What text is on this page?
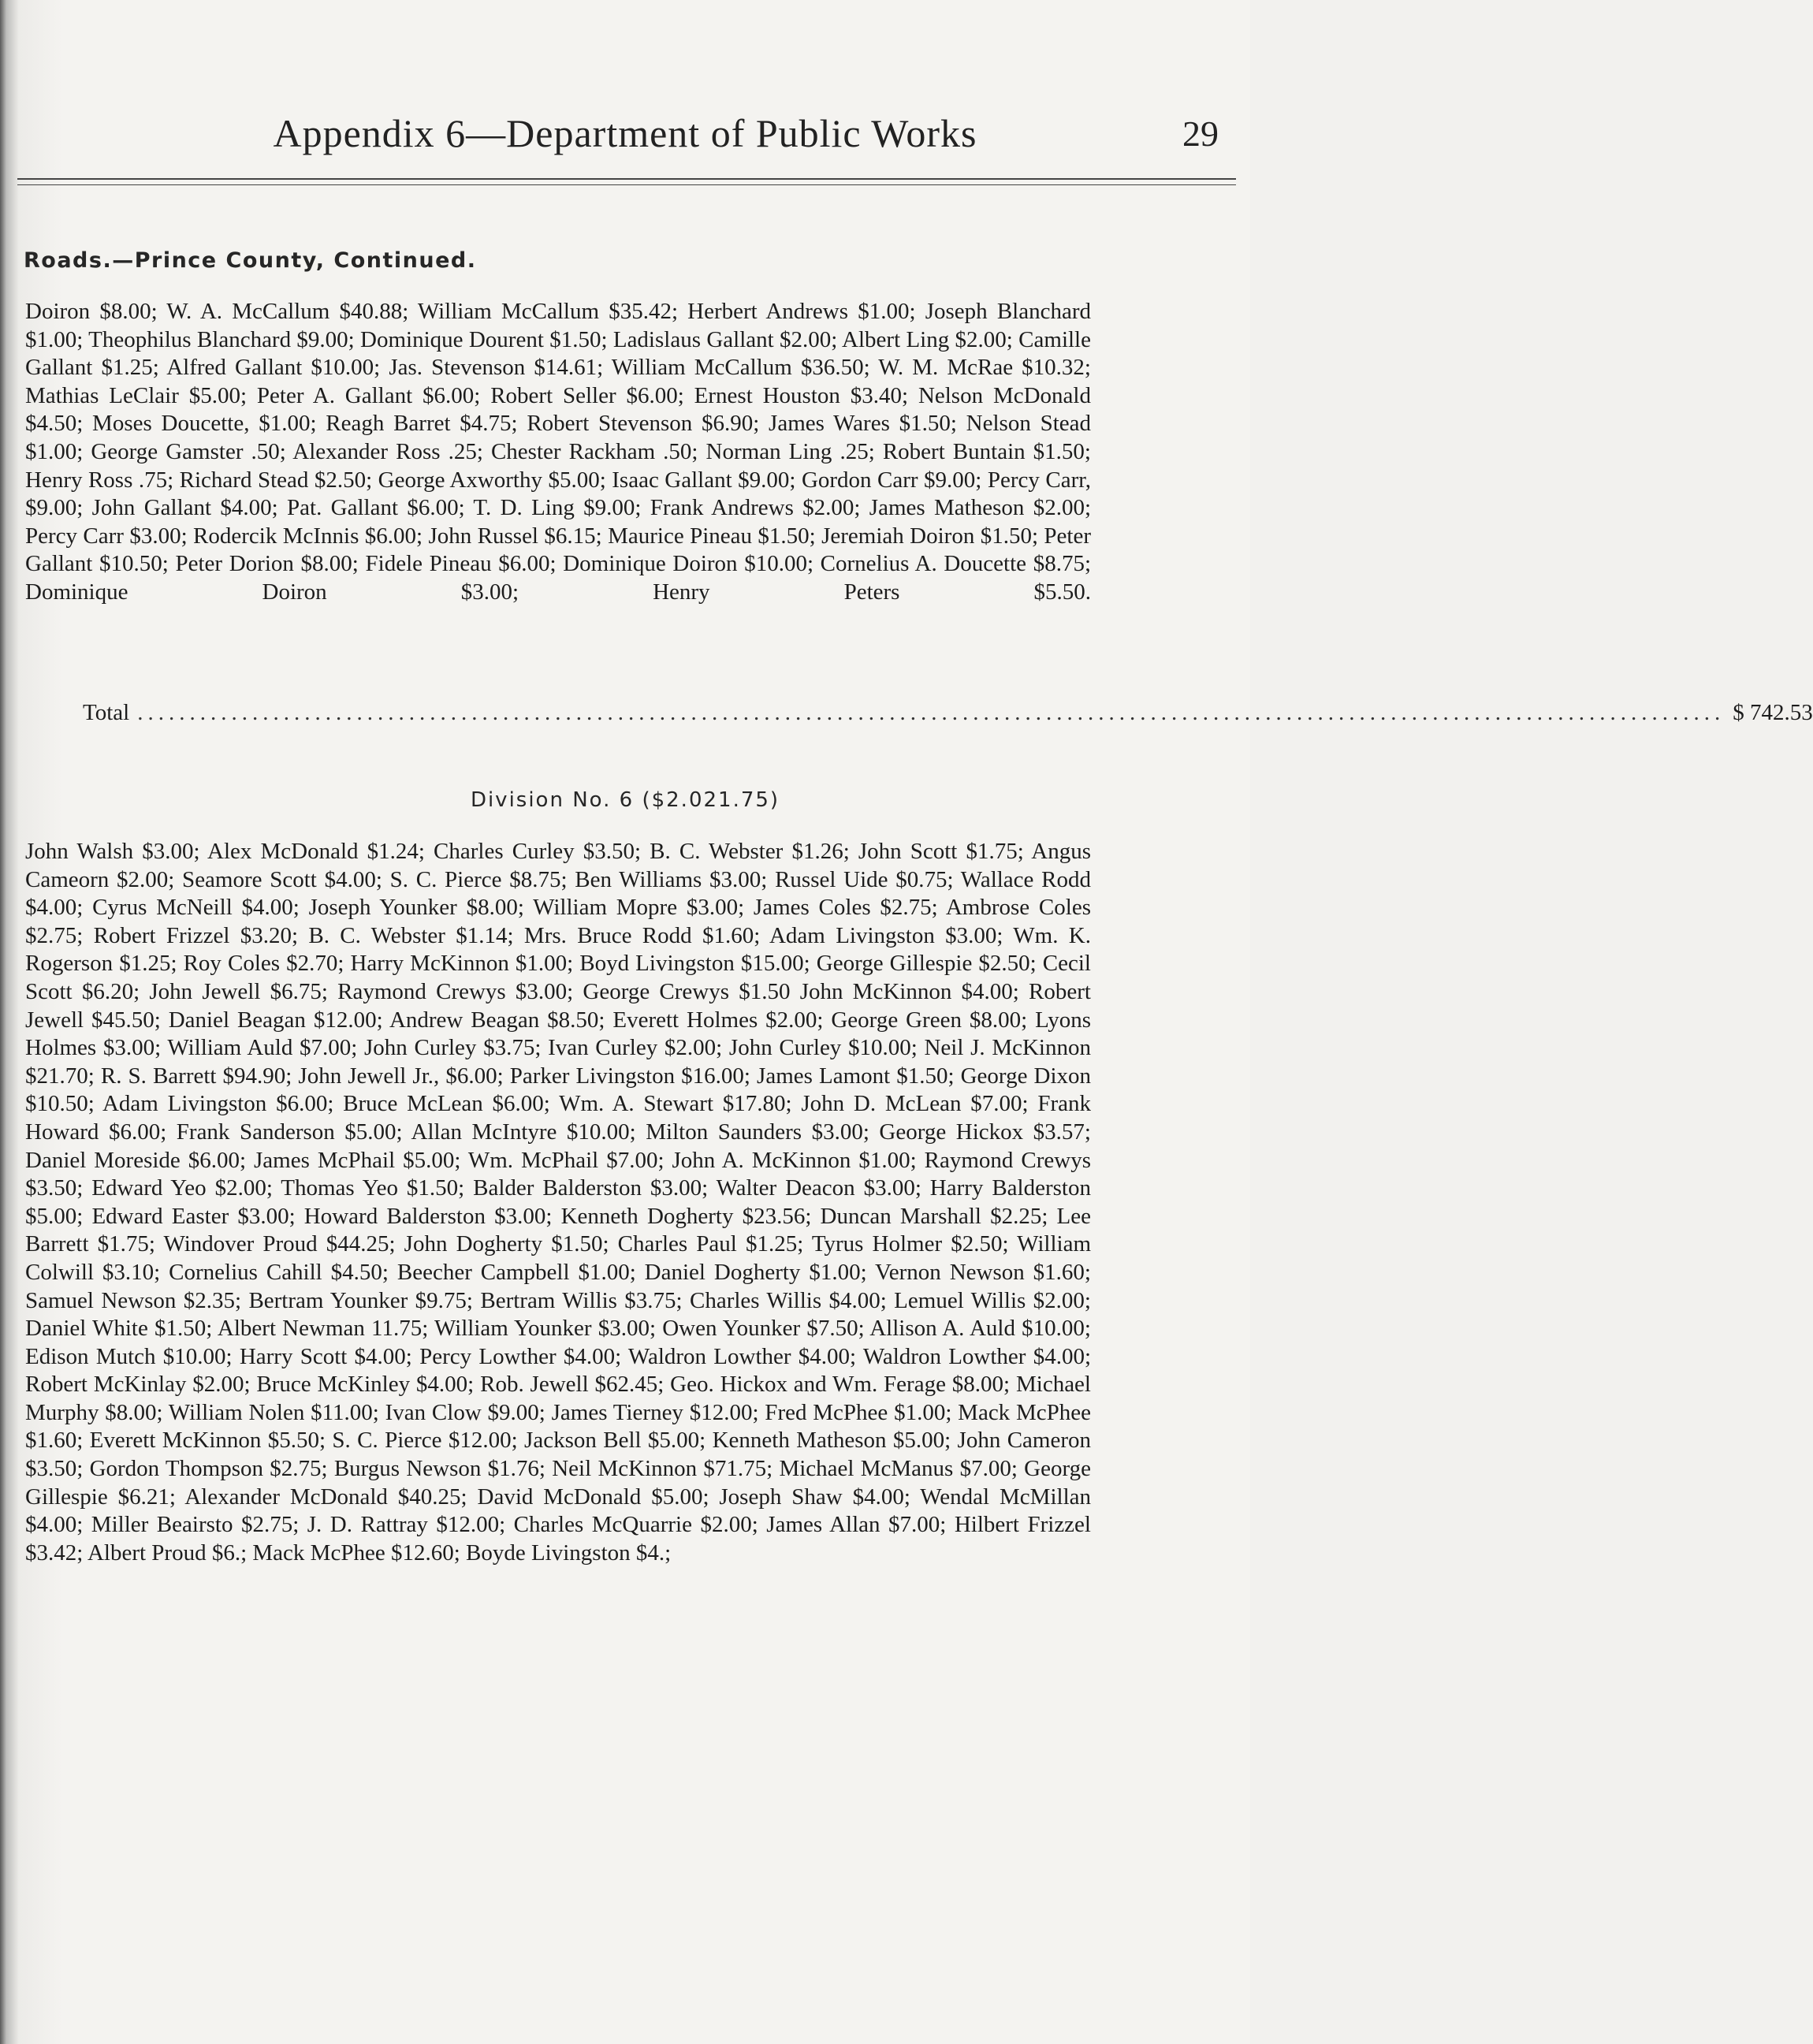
Appendix 6—Department of Public Works	29
Roads.—Prince County, Continued.

Doiron $8.00; W. A. McCallum $40.88; William McCallum $35.42; Herbert Andrews $1.00; Joseph Blanchard $1.00; Theophilus Blanchard $9.00; Dominique Dourent $1.50; Ladislaus Gallant $2.00; Albert Ling $2.00; Camille Gallant $1.25; Alfred Gallant $10.00; Jas. Stevenson $14.61; William McCallum $36.50; W. M. McRae $10.32; Mathias LeClair $5.00; Peter A. Gallant $6.00; Robert Seller $6.00; Ernest Houston $3.40; Nelson McDonald $4.50; Moses Doucette, $1.00; Reagh Barret $4.75; Robert Stevenson $6.90; James Wares $1.50; Nelson Stead $1.00; George Gamster .50; Alexander Ross .25; Chester Rackham .50; Norman Ling .25; Robert Buntain $1.50; Henry Ross .75; Richard Stead $2.50; George Axworthy $5.00; Isaac Gallant $9.00; Gordon Carr $9.00; Percy Carr, $9.00; John Gallant $4.00; Pat. Gallant $6.00; T. D. Ling $9.00; Frank Andrews $2.00; James Matheson $2.00; Percy Carr $3.00; Rodercik McInnis $6.00; John Russel $6.15; Maurice Pineau $1.50; Jeremiah Doiron $1.50; Peter Gallant $10.50; Peter Dorion $8.00; Fidele Pineau $6.00; Dominique Doiron $10.00; Cornelius A. Doucette $8.75; Dominique Doiron $3.00; Henry Peters $5.50.

Total ........................................................................................................................................................ $ 742.53
Division No. 6 ($2.021.75)

John Walsh $3.00; Alex McDonald $1.24; Charles Curley $3.50; B. C. Webster $1.26; John Scott $1.75; Angus Cameorn $2.00; Seamore Scott $4.00; S. C. Pierce $8.75; Ben Williams $3.00; Russel Uide $0.75; Wallace Rodd $4.00; Cyrus McNeill $4.00; Joseph Younker $8.00; William Mopre $3.00; James Coles $2.75; Ambrose Coles $2.75; Robert Frizzel $3.20; B. C. Webster $1.14; Mrs. Bruce Rodd $1.60; Adam Livingston $3.00; Wm. K. Rogerson $1.25; Roy Coles $2.70; Harry McKinnon $1.00; Boyd Livingston $15.00; George Gillespie $2.50; Cecil Scott $6.20; John Jewell $6.75; Raymond Crewys $3.00; George Crewys $1.50 John McKinnon $4.00; Robert Jewell $45.50; Daniel Beagan $12.00; Andrew Beagan $8.50; Everett Holmes $2.00; George Green $8.00; Lyons Holmes $3.00; William Auld $7.00; John Curley $3.75; Ivan Curley $2.00; John Curley $10.00; Neil J. McKinnon $21.70; R. S. Barrett $94.90; John Jewell Jr., $6.00; Parker Livingston $16.00; James Lamont $1.50; George Dixon $10.50; Adam Livingston $6.00; Bruce McLean $6.00; Wm. A. Stewart $17.80; John D. McLean $7.00; Frank Howard $6.00; Frank Sanderson $5.00; Allan McIntyre $10.00; Milton Saunders $3.00; George Hickox $3.57; Daniel Moreside $6.00; James McPhail $5.00; Wm. McPhail $7.00; John A. McKinnon $1.00; Raymond Crewys $3.50; Edward Yeo $2.00; Thomas Yeo $1.50; Balder Balderston $3.00; Walter Deacon $3.00; Harry Balderston $5.00; Edward Easter $3.00; Howard Balderston $3.00; Kenneth Dogherty $23.56; Duncan Marshall $2.25; Lee Barrett $1.75; Windover Proud $44.25; John Dogherty $1.50; Charles Paul $1.25; Tyrus Holmer $2.50; William Colwill $3.10; Cornelius Cahill $4.50; Beecher Campbell $1.00; Daniel Dogherty $1.00; Vernon Newson $1.60; Samuel Newson $2.35; Bertram Younker $9.75; Bertram Willis $3.75; Charles Willis $4.00; Lemuel Willis $2.00; Daniel White $1.50; Albert Newman 11.75; William Younker $3.00; Owen Younker $7.50; Allison A. Auld $10.00; Edison Mutch $10.00; Harry Scott $4.00; Percy Lowther $4.00; Waldron Lowther $4.00; Waldron Lowther $4.00; Robert McKinlay $2.00; Bruce McKinley $4.00; Rob. Jewell $62.45; Geo. Hickox and Wm. Ferage $8.00; Michael Murphy $8.00; William Nolen $11.00; Ivan Clow $9.00; James Tierney $12.00; Fred McPhee $1.00; Mack McPhee $1.60; Everett McKinnon $5.50; S. C. Pierce $12.00; Jackson Bell $5.00; Kenneth Matheson $5.00; John Cameron $3.50; Gordon Thompson $2.75; Burgus Newson $1.76; Neil McKinnon $71.75; Michael McManus $7.00; George Gillespie $6.21; Alexander McDonald $40.25; David McDonald $5.00; Joseph Shaw $4.00; Wendal McMillan $4.00; Miller Beairsto $2.75; J. D. Rattray $12.00; Charles McQuarrie $2.00; James Allan $7.00; Hilbert Frizzel $3.42; Albert Proud $6.; Mack McPhee $12.60; Boyde Livingston $4.;
